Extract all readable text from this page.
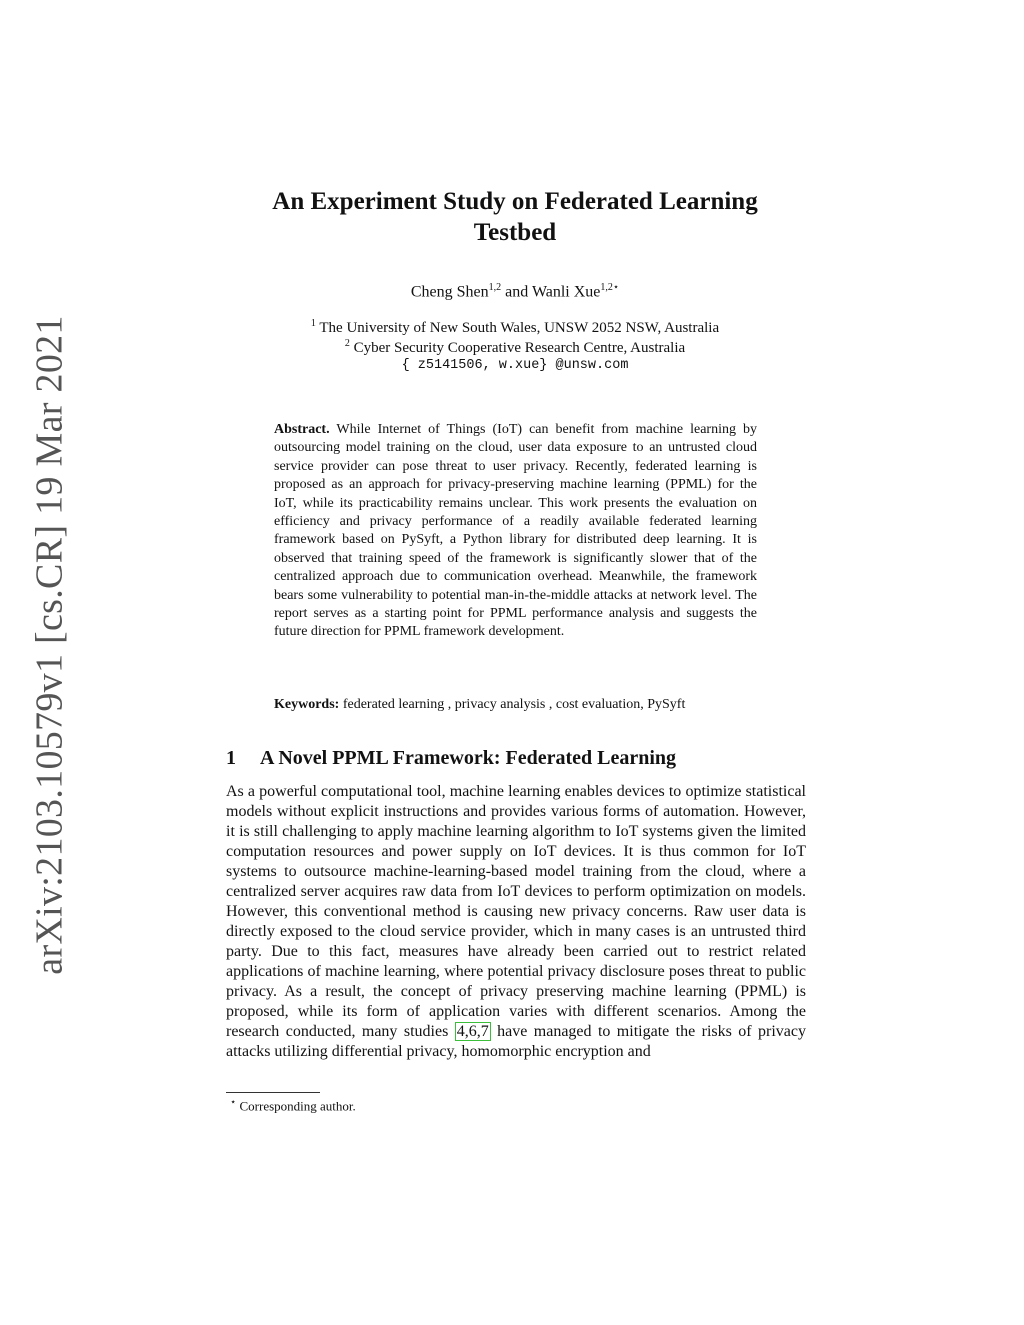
arXiv:2103.10579v1 [cs.CR] 19 Mar 2021
An Experiment Study on Federated Learning
Testbed
Cheng Shen$^{1,2}$ and Wanli Xue$^{1,2⋆}$
$^1$ The University of New South Wales, UNSW 2052 NSW, Australia
$^2$ Cyber Security Cooperative Research Centre, Australia
{ z5141506, w.xue} @unsw.com

Abstract. While Internet of Things (IoT) can benefit from machine learning by outsourcing model training on the cloud, user data exposure to an untrusted cloud service provider can pose threat to user privacy. Recently, federated learning is proposed as an approach for privacy-preserving machine learning (PPML) for the IoT, while its practicability remains unclear. This work presents the evaluation on efficiency and privacy performance of a readily available federated learning framework based on PySyft, a Python library for distributed deep learning. It is observed that training speed of the framework is significantly slower that of the centralized approach due to communication overhead. Meanwhile, the framework bears some vulnerability to potential man-in-the-middle attacks at network level. The report serves as a starting point for PPML performance analysis and suggests the future direction for PPML framework development.

Keywords: federated learning , privacy analysis , cost evaluation, PySyft

1 A Novel PPML Framework: Federated Learning

As a powerful computational tool, machine learning enables devices to optimize statistical models without explicit instructions and provides various forms of automation. However, it is still challenging to apply machine learning algorithm to IoT systems given the limited computation resources and power supply on IoT devices. It is thus common for IoT systems to outsource machine-learning-based model training from the cloud, where a centralized server acquires raw data from IoT devices to perform optimization on models. However, this conventional method is causing new privacy concerns. Raw user data is directly exposed to the cloud service provider, which in many cases is an untrusted third party. Due to this fact, measures have already been carried out to restrict related applications of machine learning, where potential privacy disclosure poses threat to public privacy. As a result, the concept of privacy preserving machine learning (PPML) is proposed, while its form of application varies with different scenarios. Among the research conducted, many studies 4,6,7 have managed to mitigate the risks of privacy attacks utilizing differential privacy, homomorphic encryption and

⋆ Corresponding author.
